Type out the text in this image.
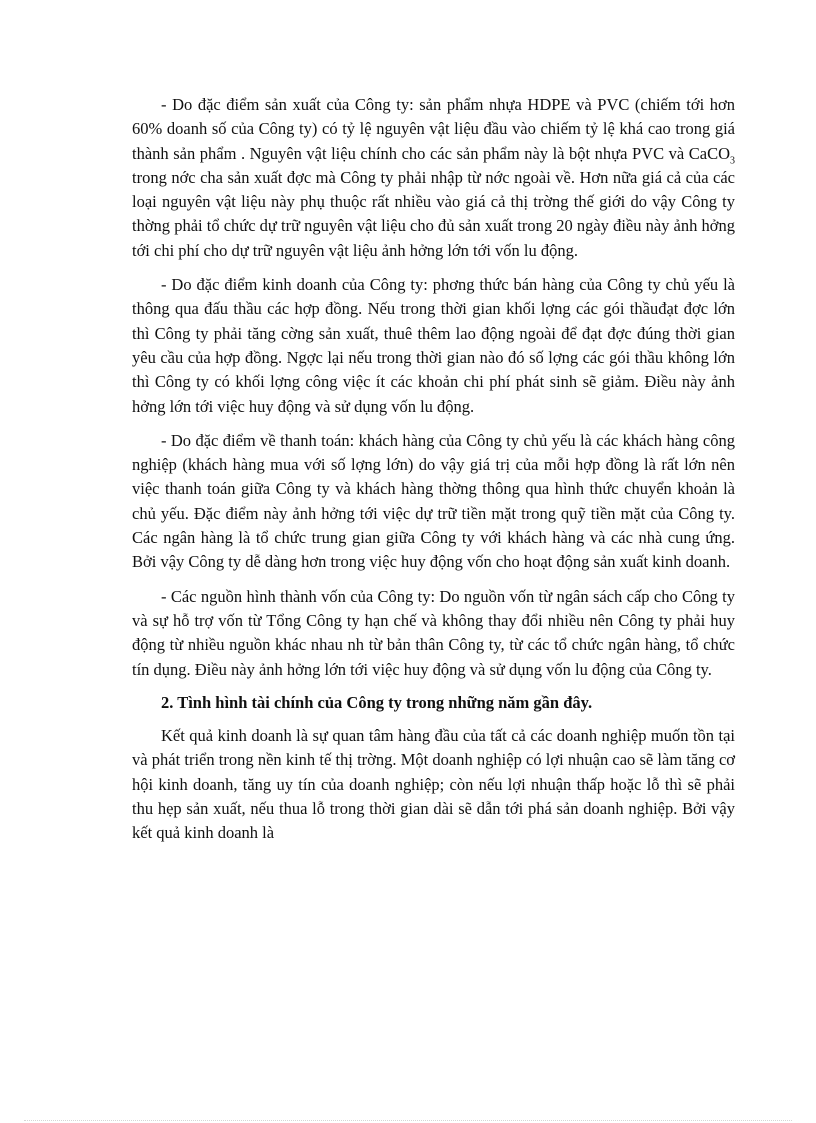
- Do đặc điểm sản xuất của Công ty: sản phẩm nhựa HDPE và PVC (chiếm tới hơn 60% doanh số của Công ty) có tỷ lệ nguyên vật liệu đầu vào chiếm tỷ lệ khá cao trong giá thành sản phẩm . Nguyên vật liệu chính cho các sản phẩm này là bột nhựa PVC và CaCO$_3$ trong nớc cha sản xuất đợc mà Công ty phải nhập từ nớc ngoài về. Hơn nữa giá cả của các loại nguyên vật liệu này phụ thuộc rất nhiều vào giá cả thị trờng thế giới do vậy Công ty thờng phải tổ chức dự trữ nguyên vật liệu cho đủ sản xuất trong 20 ngày điều này ảnh hởng tới chi phí cho dự trữ nguyên vật liệu ảnh hởng lớn tới vốn lu động.

- Do đặc điểm kinh doanh của Công ty: phơng thức bán hàng của Công ty chủ yếu là thông qua đấu thầu các hợp đồng. Nếu trong thời gian khối lợng các gói thầuđạt đợc lớn thì Công ty phải tăng cờng sản xuất, thuê thêm lao động ngoài để đạt đợc đúng thời gian yêu cầu của hợp đồng. Ngợc lại nếu trong thời gian nào đó số lợng các gói thầu không lớn thì Công ty có khối lợng công việc ít các khoản chi phí phát sinh sẽ giảm. Điều này ảnh hởng lớn tới việc huy động và sử dụng vốn lu động.

- Do đặc điểm về thanh toán: khách hàng của Công ty chủ yếu là các khách hàng công nghiệp (khách hàng mua với số lợng lớn) do vậy giá trị của mỗi hợp đồng là rất lớn nên việc thanh toán giữa Công ty và khách hàng thờng thông qua hình thức chuyển khoản là chủ yếu. Đặc điểm này ảnh hởng tới việc dự trữ tiền mặt trong quỹ tiền mặt của Công ty. Các ngân hàng là tổ chức trung gian giữa Công ty với khách hàng và các nhà cung ứng. Bởi vậy Công ty dễ dàng hơn trong việc huy động vốn cho hoạt động sản xuất kinh doanh.

- Các nguồn hình thành vốn của Công ty: Do nguồn vốn từ ngân sách cấp cho Công ty và sự hỗ trợ vốn từ Tổng Công ty hạn chế và không thay đổi nhiều nên Công ty phải huy động từ nhiều nguồn khác nhau nh từ bản thân Công ty, từ các tổ chức ngân hàng, tổ chức tín dụng. Điều này ảnh hởng lớn tới việc huy động và sử dụng vốn lu động của Công ty.

2. Tình hình tài chính của Công ty trong những năm gần đây.

Kết quả kinh doanh là sự quan tâm hàng đầu của tất cả các doanh nghiệp muốn tồn tại và phát triển trong nền kinh tế thị trờng. Một doanh nghiệp có lợi nhuận cao sẽ làm tăng cơ hội kinh doanh, tăng uy tín của doanh nghiệp; còn nếu lợi nhuận thấp hoặc lỗ thì sẽ phải thu hẹp sản xuất, nếu thua lỗ trong thời gian dài sẽ dẫn tới phá sản doanh nghiệp. Bởi vậy kết quả kinh doanh là
